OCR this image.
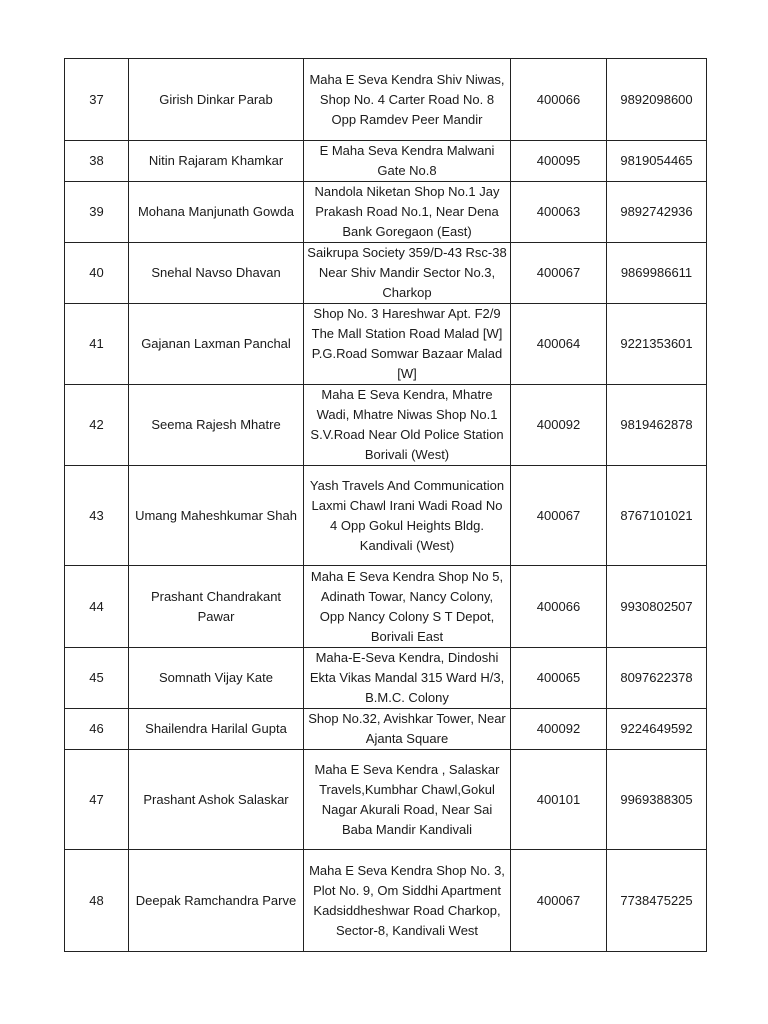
37	Girish Dinkar Parab	Maha E Seva Kendra Shiv Niwas, Shop No. 4 Carter Road No. 8 Opp Ramdev Peer Mandir	400066	9892098600
38	Nitin Rajaram Khamkar	E Maha Seva Kendra Malwani Gate No.8	400095	9819054465
39	Mohana Manjunath Gowda	Nandola Niketan Shop No.1 Jay Prakash Road No.1, Near Dena Bank Goregaon (East)	400063	9892742936
40	Snehal Navso Dhavan	Saikrupa Society 359/D-43 Rsc-38 Near Shiv Mandir Sector No.3, Charkop	400067	9869986611
41	Gajanan Laxman Panchal	Shop No. 3 Hareshwar Apt. F2/9 The Mall Station Road Malad [W] P.G.Road Somwar Bazaar Malad [W]	400064	9221353601
42	Seema Rajesh Mhatre	Maha E Seva Kendra, Mhatre Wadi, Mhatre Niwas Shop No.1 S.V.Road Near Old Police Station Borivali (West)	400092	9819462878
43	Umang Maheshkumar Shah	Yash Travels And Communication Laxmi Chawl Irani Wadi Road No 4 Opp Gokul Heights Bldg. Kandivali (West)	400067	8767101021
44	Prashant Chandrakant Pawar	Maha E Seva Kendra Shop No 5, Adinath Towar, Nancy Colony, Opp Nancy Colony S T Depot, Borivali East	400066	9930802507
45	Somnath Vijay Kate	Maha-E-Seva Kendra, Dindoshi Ekta Vikas Mandal 315 Ward H/3, B.M.C. Colony	400065	8097622378
46	Shailendra Harilal Gupta	Shop No.32, Avishkar Tower, Near Ajanta Square	400092	9224649592
47	Prashant Ashok Salaskar	Maha E Seva Kendra , Salaskar Travels,Kumbhar Chawl,Gokul Nagar Akurali Road, Near Sai Baba Mandir Kandivali	400101	9969388305
48	Deepak Ramchandra Parve	Maha E Seva Kendra Shop No. 3, Plot No. 9, Om Siddhi Apartment Kadsiddheshwar Road Charkop, Sector-8, Kandivali West	400067	7738475225
